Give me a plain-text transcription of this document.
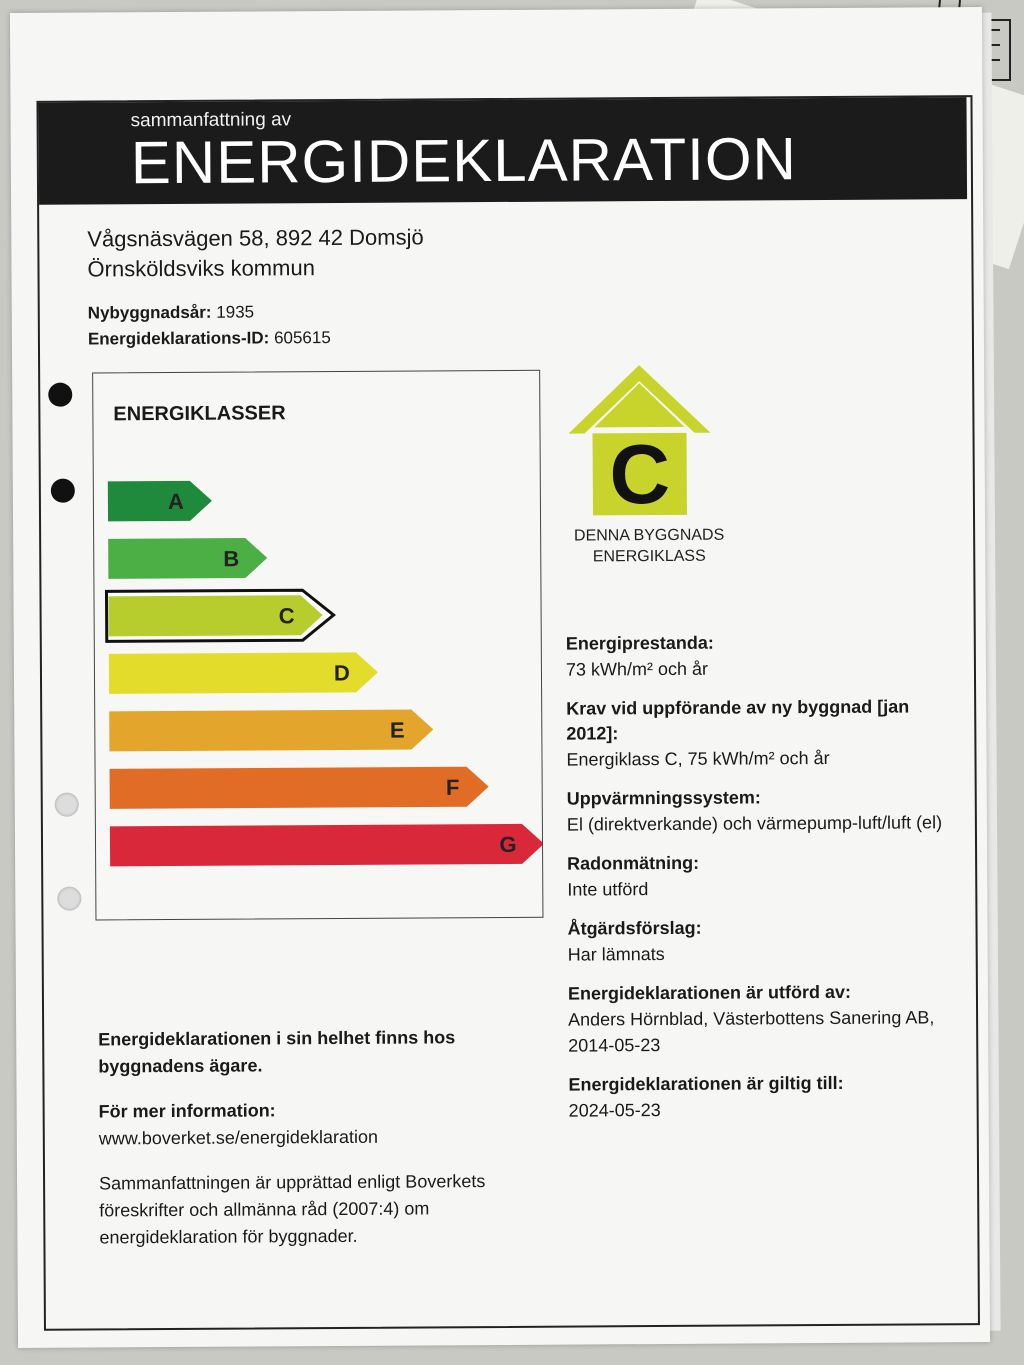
sammanfattning av
ENERGIDEKLARATION
Vågsnäsvägen 58, 892 42 Domsjö
Örnsköldsviks kommun
Nybyggnadsår: 1935
Energideklarations-ID: 605615
ENERGIKLASSER
A
B
C
D
E
F
G
C
DENNA BYGGNADS
ENERGIKLASS
Energiprestanda:
73 kWh/m² och år
Krav vid uppförande av ny byggnad [jan 2012]:
Energiklass C, 75 kWh/m² och år
Uppvärmningssystem:
El (direktverkande) och värmepump-luft/luft (el)
Radonmätning:
Inte utförd
Åtgärdsförslag:
Har lämnats
Energideklarationen är utförd av:
Anders Hörnblad, Västerbottens Sanering AB, 2014-05-23
Energideklarationen är giltig till:
2024-05-23
Energideklarationen i sin helhet finns hos byggnadens ägare.
För mer information:
www.boverket.se/energideklaration
Sammanfattningen är upprättad enligt Boverkets föreskrifter och allmänna råd (2007:4) om energideklaration för byggnader.
